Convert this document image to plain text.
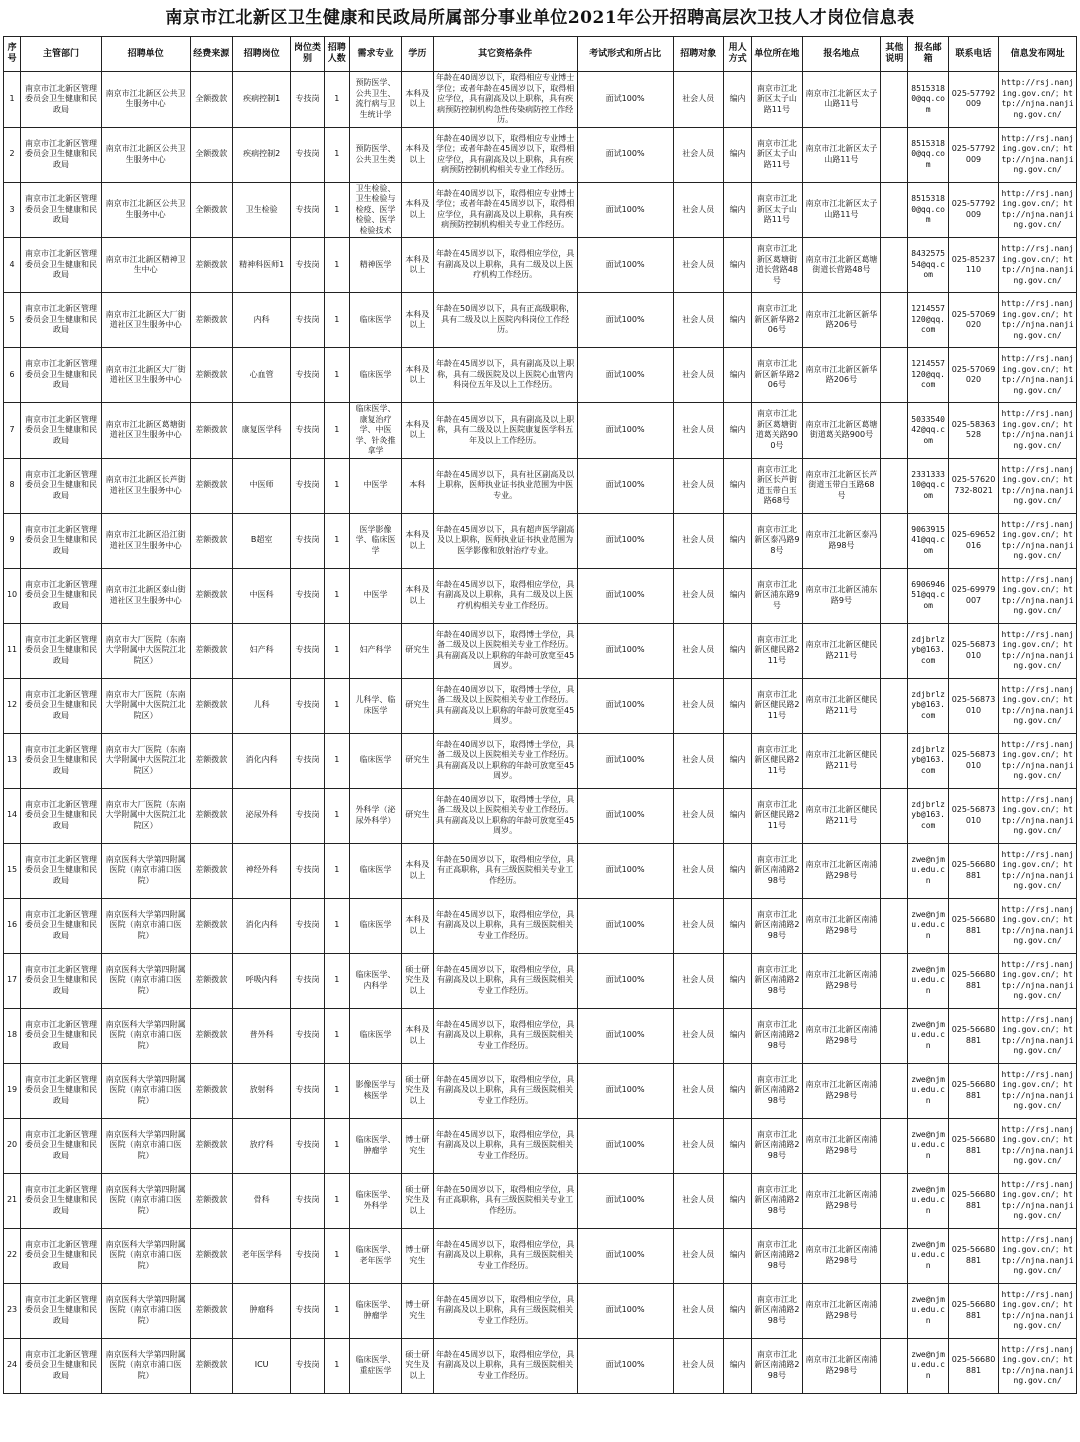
南京市江北新区卫生健康和民政局所属部分事业单位2021年公开招聘高层次卫技人才岗位信息表
序号	主管部门	招聘单位	经费来源	招聘岗位	岗位类别	招聘人数	需求专业	学历	其它资格条件	考试形式和所占比	招聘对象	用人方式	单位所在地	报名地点	其他说明	报名邮箱	联系电话	信息发布网址
1	南京市江北新区管理委员会卫生健康和民政局	南京市江北新区公共卫生服务中心	全额拨款	疾病控制1	专技岗	1	预防医学、公共卫生、流行病与卫生统计学	本科及以上	年龄在40周岁以下，取得相应专业博士学位；或者年龄在45周岁以下，取得相应学位，具有副高及以上职称，具有疾病预防控制机构急性传染病防控工作经历。	面试100%	社会人员	编内	南京市江北新区太子山路11号	南京市江北新区太子山路11号		85153180@qq.com	025-57792009	http://rsj.nanjing.gov.cn/；http://njna.nanjing.gov.cn/
2	南京市江北新区管理委员会卫生健康和民政局	南京市江北新区公共卫生服务中心	全额拨款	疾病控制2	专技岗	1	预防医学、公共卫生类	本科及以上	年龄在40周岁以下，取得相应专业博士学位；或者年龄在45周岁以下，取得相应学位，具有副高及以上职称，具有疾病预防控制机构相关专业工作经历。	面试100%	社会人员	编内	南京市江北新区太子山路11号	南京市江北新区太子山路11号		85153180@qq.com	025-57792009	http://rsj.nanjing.gov.cn/；http://njna.nanjing.gov.cn/
3	南京市江北新区管理委员会卫生健康和民政局	南京市江北新区公共卫生服务中心	全额拨款	卫生检验	专技岗	1	卫生检验、卫生检验与检疫、医学检验、医学检验技术	本科及以上	年龄在40周岁以下，取得相应专业博士学位；或者年龄在45周岁以下，取得相应学位，具有副高及以上职称，具有疾病预防控制机构相关专业工作经历。	面试100%	社会人员	编内	南京市江北新区太子山路11号	南京市江北新区太子山路11号		85153180@qq.com	025-57792009	http://rsj.nanjing.gov.cn/；http://njna.nanjing.gov.cn/
4	南京市江北新区管理委员会卫生健康和民政局	南京市江北新区精神卫生中心	差额拨款	精神科医师1	专技岗	1	精神医学	本科及以上	年龄在45周岁以下，取得相应学位，具有副高及以上职称，具有二级及以上医疗机构工作经历。	面试100%	社会人员	编内	南京市江北新区葛塘街道长营路48号	南京市江北新区葛塘街道长营路48号		843257554@qq.com	025-85237110	http://rsj.nanjing.gov.cn/；http://njna.nanjing.gov.cn/
5	南京市江北新区管理委员会卫生健康和民政局	南京市江北新区大厂街道社区卫生服务中心	差额拨款	内科	专技岗	1	临床医学	本科及以上	年龄在50周岁以下，具有正高级职称，具有二级及以上医院内科岗位工作经历。	面试100%	社会人员	编内	南京市江北新区新华路206号	南京市江北新区新华路206号		1214557120@qq.com	025-57069020	http://rsj.nanjing.gov.cn/；http://njna.nanjing.gov.cn/
6	南京市江北新区管理委员会卫生健康和民政局	南京市江北新区大厂街道社区卫生服务中心	差额拨款	心血管	专技岗	1	临床医学	本科及以上	年龄在45周岁以下，具有副高及以上职称，具有二级医院及以上医院心血管内科岗位五年及以上工作经历。	面试100%	社会人员	编内	南京市江北新区新华路206号	南京市江北新区新华路206号		1214557120@qq.com	025-57069020	http://rsj.nanjing.gov.cn/；http://njna.nanjing.gov.cn/
7	南京市江北新区管理委员会卫生健康和民政局	南京市江北新区葛塘街道社区卫生服务中心	差额拨款	康复医学科	专技岗	1	临床医学、康复治疗学、中医学、针灸推拿学	本科及以上	年龄在45周岁以下，具有副高及以上职称，具有二级及以上医院康复医学科五年及以上工作经历。	面试100%	社会人员	编内	南京市江北新区葛塘街道葛关路900号	南京市江北新区葛塘街道葛关路900号		503354042@qq.com	025-58363528	http://rsj.nanjing.gov.cn/；http://njna.nanjing.gov.cn/
8	南京市江北新区管理委员会卫生健康和民政局	南京市江北新区长芦街道社区卫生服务中心	差额拨款	中医师	专技岗	1	中医学	本科	年龄在45周岁以下，具有社区副高及以上职称，医师执业证书执业范围为中医专业。	面试100%	社会人员	编内	南京市江北新区长芦街道玉带白玉路68号	南京市江北新区长芦街道玉带白玉路68号		233133310@qq.com	025-57620732-8021	http://rsj.nanjing.gov.cn/；http://njna.nanjing.gov.cn/
9	南京市江北新区管理委员会卫生健康和民政局	南京市江北新区沿江街道社区卫生服务中心	差额拨款	B超室	专技岗	1	医学影像学、临床医学	本科及以上	年龄在45周岁以下，具有超声医学副高及以上职称，医师执业证书执业范围为医学影像和放射治疗专业。	面试100%	社会人员	编内	南京市江北新区泰冯路98号	南京市江北新区泰冯路98号		906391541@qq.com	025-69652016	http://rsj.nanjing.gov.cn/；http://njna.nanjing.gov.cn/
10	南京市江北新区管理委员会卫生健康和民政局	南京市江北新区泰山街道社区卫生服务中心	差额拨款	中医科	专技岗	1	中医学	本科及以上	年龄在45周岁以下，取得相应学位，具有副高及以上职称，具有二级及以上医疗机构相关专业工作经历。	面试100%	社会人员	编内	南京市江北新区浦东路9号	南京市江北新区浦东路9号		690694651@qq.com	025-69979007	http://rsj.nanjing.gov.cn/；http://njna.nanjing.gov.cn/
11	南京市江北新区管理委员会卫生健康和民政局	南京市大厂医院（东南大学附属中大医院江北院区）	差额拨款	妇产科	专技岗	1	妇产科学	研究生	年龄在40周岁以下，取得博士学位，具备二级及以上医院相关专业工作经历。具有副高及以上职称的年龄可放宽至45周岁。	面试100%	社会人员	编内	南京市江北新区健民路211号	南京市江北新区健民路211号		zdjbrlzyb@163.com	025-56873010	http://rsj.nanjing.gov.cn/；http://njna.nanjing.gov.cn/
12	南京市江北新区管理委员会卫生健康和民政局	南京市大厂医院（东南大学附属中大医院江北院区）	差额拨款	儿科	专技岗	1	儿科学、临床医学	研究生	年龄在40周岁以下，取得博士学位，具备二级及以上医院相关专业工作经历。具有副高及以上职称的年龄可放宽至45周岁。	面试100%	社会人员	编内	南京市江北新区健民路211号	南京市江北新区健民路211号		zdjbrlzyb@163.com	025-56873010	http://rsj.nanjing.gov.cn/；http://njna.nanjing.gov.cn/
13	南京市江北新区管理委员会卫生健康和民政局	南京市大厂医院（东南大学附属中大医院江北院区）	差额拨款	消化内科	专技岗	1	临床医学	研究生	年龄在40周岁以下，取得博士学位，具备二级及以上医院相关专业工作经历。具有副高及以上职称的年龄可放宽至45周岁。	面试100%	社会人员	编内	南京市江北新区健民路211号	南京市江北新区健民路211号		zdjbrlzyb@163.com	025-56873010	http://rsj.nanjing.gov.cn/；http://njna.nanjing.gov.cn/
14	南京市江北新区管理委员会卫生健康和民政局	南京市大厂医院（东南大学附属中大医院江北院区）	差额拨款	泌尿外科	专技岗	1	外科学（泌尿外科学）	研究生	年龄在40周岁以下，取得博士学位，具备二级及以上医院相关专业工作经历。具有副高及以上职称的年龄可放宽至45周岁。	面试100%	社会人员	编内	南京市江北新区健民路211号	南京市江北新区健民路211号		zdjbrlzyb@163.com	025-56873010	http://rsj.nanjing.gov.cn/；http://njna.nanjing.gov.cn/
15	南京市江北新区管理委员会卫生健康和民政局	南京医科大学第四附属医院（南京市浦口医院）	差额拨款	神经外科	专技岗	1	临床医学	本科及以上	年龄在50周岁以下，取得相应学位，具有正高职称，具有三级医院相关专业工作经历。	面试100%	社会人员	编内	南京市江北新区南浦路298号	南京市江北新区南浦路298号		zwe@njmu.edu.cn	025-56680881	http://rsj.nanjing.gov.cn/；http://njna.nanjing.gov.cn/
16	南京市江北新区管理委员会卫生健康和民政局	南京医科大学第四附属医院（南京市浦口医院）	差额拨款	消化内科	专技岗	1	临床医学	本科及以上	年龄在45周岁以下，取得相应学位，具有副高及以上职称，具有三级医院相关专业工作经历。	面试100%	社会人员	编内	南京市江北新区南浦路298号	南京市江北新区南浦路298号		zwe@njmu.edu.cn	025-56680881	http://rsj.nanjing.gov.cn/；http://njna.nanjing.gov.cn/
17	南京市江北新区管理委员会卫生健康和民政局	南京医科大学第四附属医院（南京市浦口医院）	差额拨款	呼吸内科	专技岗	1	临床医学、内科学	硕士研究生及以上	年龄在45周岁以下，取得相应学位，具有副高及以上职称，具有三级医院相关专业工作经历。	面试100%	社会人员	编内	南京市江北新区南浦路298号	南京市江北新区南浦路298号		zwe@njmu.edu.cn	025-56680881	http://rsj.nanjing.gov.cn/；http://njna.nanjing.gov.cn/
18	南京市江北新区管理委员会卫生健康和民政局	南京医科大学第四附属医院（南京市浦口医院）	差额拨款	普外科	专技岗	1	临床医学	本科及以上	年龄在45周岁以下，取得相应学位，具有副高及以上职称，具有三级医院相关专业工作经历。	面试100%	社会人员	编内	南京市江北新区南浦路298号	南京市江北新区南浦路298号		zwe@njmu.edu.cn	025-56680881	http://rsj.nanjing.gov.cn/；http://njna.nanjing.gov.cn/
19	南京市江北新区管理委员会卫生健康和民政局	南京医科大学第四附属医院（南京市浦口医院）	差额拨款	放射科	专技岗	1	影像医学与核医学	硕士研究生及以上	年龄在45周岁以下，取得相应学位，具有副高及以上职称，具有三级医院相关专业工作经历。	面试100%	社会人员	编内	南京市江北新区南浦路298号	南京市江北新区南浦路298号		zwe@njmu.edu.cn	025-56680881	http://rsj.nanjing.gov.cn/；http://njna.nanjing.gov.cn/
20	南京市江北新区管理委员会卫生健康和民政局	南京医科大学第四附属医院（南京市浦口医院）	差额拨款	放疗科	专技岗	1	临床医学、肿瘤学	博士研究生	年龄在45周岁以下，取得相应学位，具有副高及以上职称，具有三级医院相关专业工作经历。	面试100%	社会人员	编内	南京市江北新区南浦路298号	南京市江北新区南浦路298号		zwe@njmu.edu.cn	025-56680881	http://rsj.nanjing.gov.cn/；http://njna.nanjing.gov.cn/
21	南京市江北新区管理委员会卫生健康和民政局	南京医科大学第四附属医院（南京市浦口医院）	差额拨款	骨科	专技岗	1	临床医学、外科学	硕士研究生及以上	年龄在50周岁以下，取得相应学位，具有正高职称，具有三级医院相关专业工作经历。	面试100%	社会人员	编内	南京市江北新区南浦路298号	南京市江北新区南浦路298号		zwe@njmu.edu.cn	025-56680881	http://rsj.nanjing.gov.cn/；http://njna.nanjing.gov.cn/
22	南京市江北新区管理委员会卫生健康和民政局	南京医科大学第四附属医院（南京市浦口医院）	差额拨款	老年医学科	专技岗	1	临床医学、老年医学	博士研究生	年龄在45周岁以下，取得相应学位，具有副高及以上职称，具有三级医院相关专业工作经历。	面试100%	社会人员	编内	南京市江北新区南浦路298号	南京市江北新区南浦路298号		zwe@njmu.edu.cn	025-56680881	http://rsj.nanjing.gov.cn/；http://njna.nanjing.gov.cn/
23	南京市江北新区管理委员会卫生健康和民政局	南京医科大学第四附属医院（南京市浦口医院）	差额拨款	肿瘤科	专技岗	1	临床医学、肿瘤学	博士研究生	年龄在45周岁以下，取得相应学位，具有副高及以上职称，具有三级医院相关专业工作经历。	面试100%	社会人员	编内	南京市江北新区南浦路298号	南京市江北新区南浦路298号		zwe@njmu.edu.cn	025-56680881	http://rsj.nanjing.gov.cn/；http://njna.nanjing.gov.cn/
24	南京市江北新区管理委员会卫生健康和民政局	南京医科大学第四附属医院（南京市浦口医院）	差额拨款	ICU	专技岗	1	临床医学、重症医学	硕士研究生及以上	年龄在45周岁以下，取得相应学位，具有副高及以上职称，具有三级医院相关专业工作经历。	面试100%	社会人员	编内	南京市江北新区南浦路298号	南京市江北新区南浦路298号		zwe@njmu.edu.cn	025-56680881	http://rsj.nanjing.gov.cn/；http://njna.nanjing.gov.cn/
